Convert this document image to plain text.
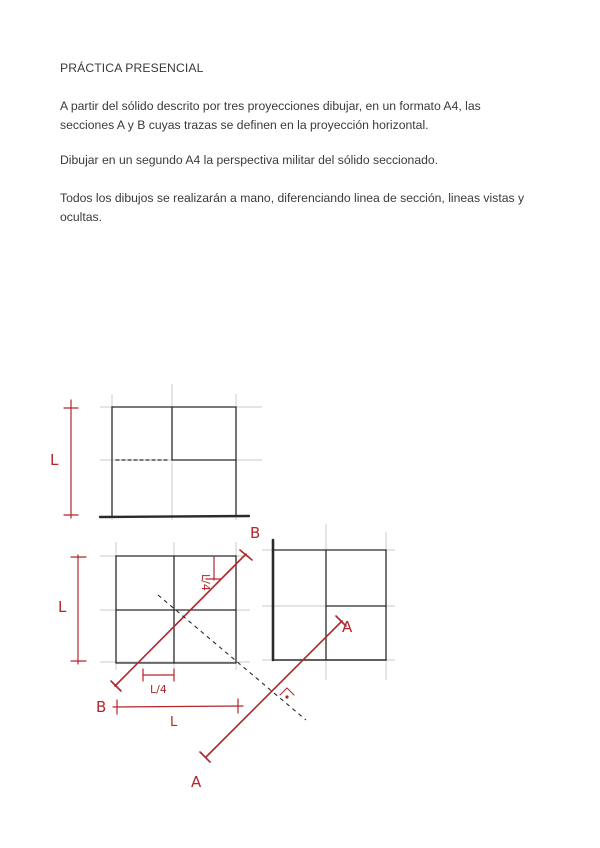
PRÁCTICA PRESENCIAL
A partir del sólido descrito por tres proyecciones dibujar, en un formato A4, las secciones A y B cuyas trazas se definen en la proyección horizontal.
Dibujar en un segundo A4 la perspectiva militar del sólido seccionado.
Todos los dibujos se realizarán a mano, diferenciando linea de sección, lineas vistas y ocultas.
L
L
L
B
B
A
A
L/4
L/4
